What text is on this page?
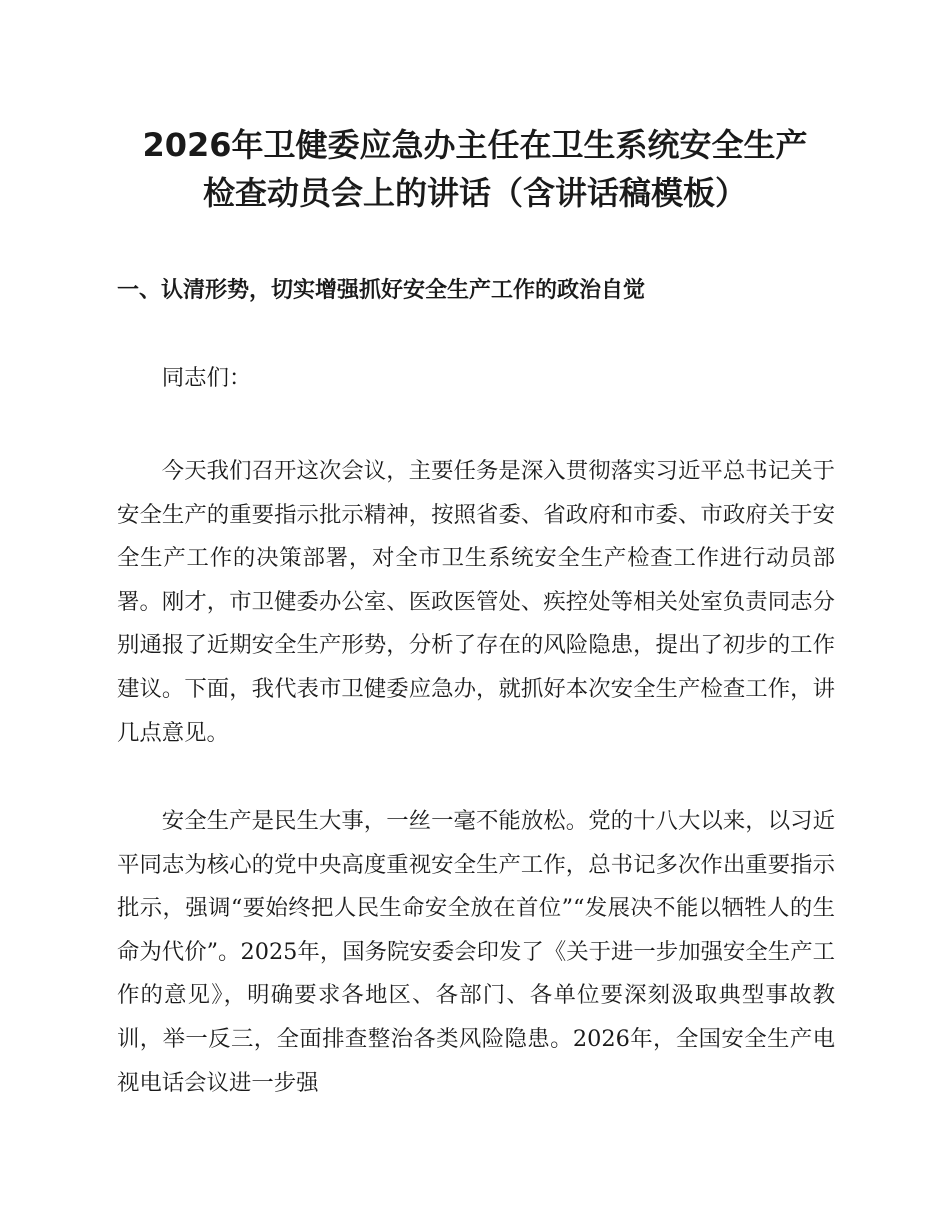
2026年卫健委应急办主任在卫生系统安全生产
检查动员会上的讲话（含讲话稿模板）
一、认清形势，切实增强抓好安全生产工作的政治自觉

同志们：

今天我们召开这次会议，主要任务是深入贯彻落实习近平总书记关于安全生产的重要指示批示精神，按照省委、省政府和市委、市政府关于安全生产工作的决策部署，对全市卫生系统安全生产检查工作进行动员部署。刚才，市卫健委办公室、医政医管处、疾控处等相关处室负责同志分别通报了近期安全生产形势，分析了存在的风险隐患，提出了初步的工作建议。下面，我代表市卫健委应急办，就抓好本次安全生产检查工作，讲几点意见。

安全生产是民生大事，一丝一毫不能放松。党的十八大以来，以习近平同志为核心的党中央高度重视安全生产工作，总书记多次作出重要指示批示，强调“要始终把人民生命安全放在首位”“发展决不能以牺牲人的生命为代价”。2025年，国务院安委会印发了《关于进一步加强安全生产工作的意见》，明确要求各地区、各部门、各单位要深刻汲取典型事故教训，举一反三，全面排查整治各类风险隐患。2026年，全国安全生产电视电话会议进一步强
